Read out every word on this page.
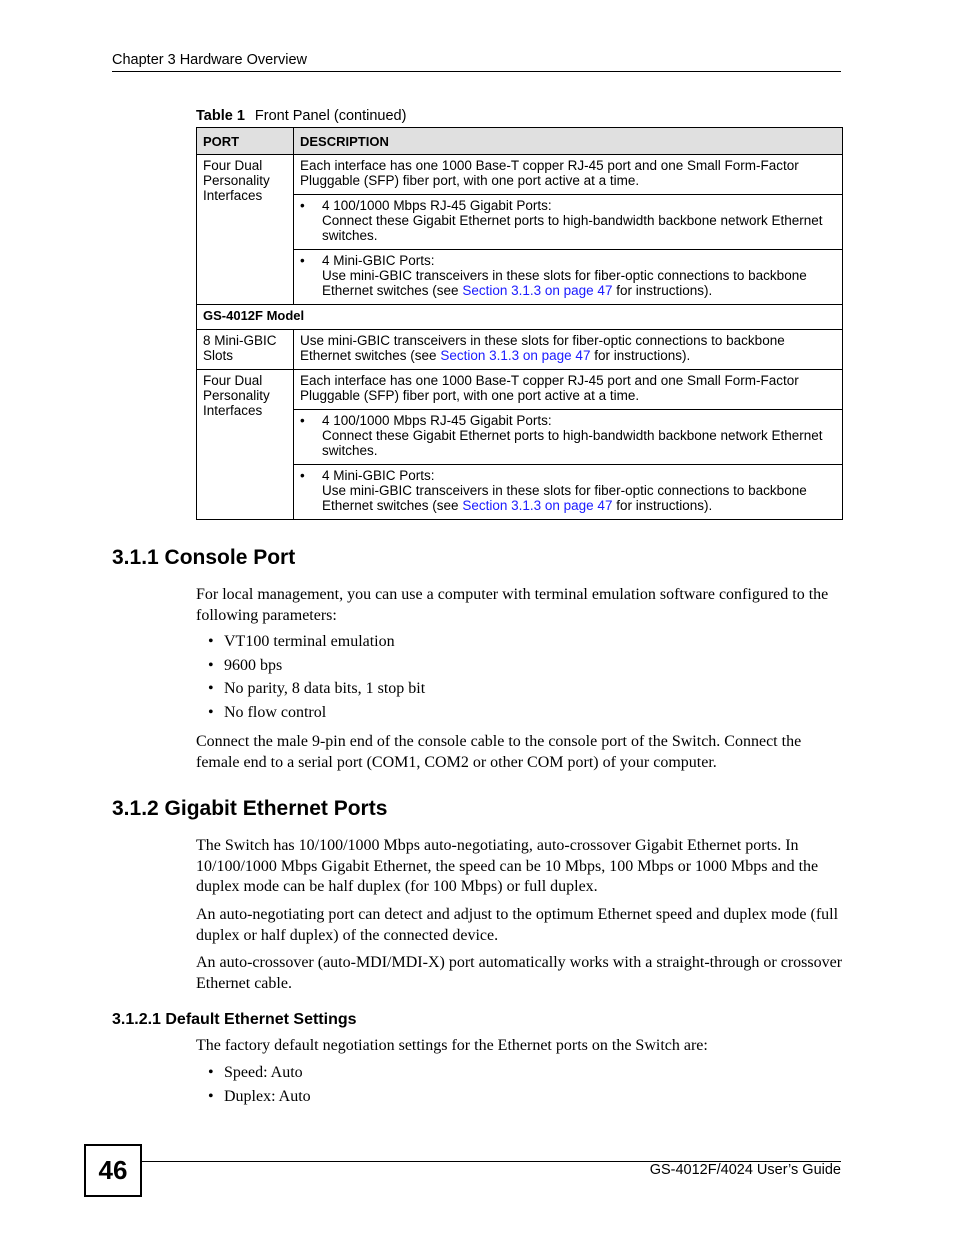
Chapter 3 Hardware Overview
Table 1 Front Panel (continued)
PORT	DESCRIPTION
Four Dual Personality Interfaces	Each interface has one 1000 Base-T copper RJ-45 port and one Small Form-Factor Pluggable (SFP) fiber port, with one port active at a time.

	• 4 100/1000 Mbps RJ-45 Gigabit Ports:
Connect these Gigabit Ethernet ports to high-bandwidth backbone network Ethernet switches.

	• 4 Mini-GBIC Ports:
Use mini-GBIC transceivers in these slots for fiber-optic connections to backbone Ethernet switches (see Section 3.1.3 on page 47 for instructions).

GS-4012F Model	
8 Mini-GBIC Slots	Use mini-GBIC transceivers in these slots for fiber-optic connections to backbone Ethernet switches (see Section 3.1.3 on page 47 for instructions).
Four Dual Personality Interfaces	Each interface has one 1000 Base-T copper RJ-45 port and one Small Form-Factor Pluggable (SFP) fiber port, with one port active at a time.

	• 4 100/1000 Mbps RJ-45 Gigabit Ports:
Connect these Gigabit Ethernet ports to high-bandwidth backbone network Ethernet switches.

	• 4 Mini-GBIC Ports:
Use mini-GBIC transceivers in these slots for fiber-optic connections to backbone Ethernet switches (see Section 3.1.3 on page 47 for instructions).
3.1.1 Console Port
For local management, you can use a computer with terminal emulation software configured to the following parameters:
• VT100 terminal emulation
• 9600 bps
• No parity, 8 data bits, 1 stop bit
• No flow control
Connect the male 9-pin end of the console cable to the console port of the Switch. Connect the female end to a serial port (COM1, COM2 or other COM port) of your computer.
3.1.2 Gigabit Ethernet Ports
The Switch has 10/100/1000 Mbps auto-negotiating, auto-crossover Gigabit Ethernet ports. In 10/100/1000 Mbps Gigabit Ethernet, the speed can be 10 Mbps, 100 Mbps or 1000 Mbps and the duplex mode can be half duplex (for 100 Mbps) or full duplex.
An auto-negotiating port can detect and adjust to the optimum Ethernet speed and duplex mode (full duplex or half duplex) of the connected device.
An auto-crossover (auto-MDI/MDI-X) port automatically works with a straight-through or crossover Ethernet cable.
3.1.2.1 Default Ethernet Settings
The factory default negotiation settings for the Ethernet ports on the Switch are:
• Speed: Auto
• Duplex: Auto
46	GS-4012F/4024 User’s Guide
